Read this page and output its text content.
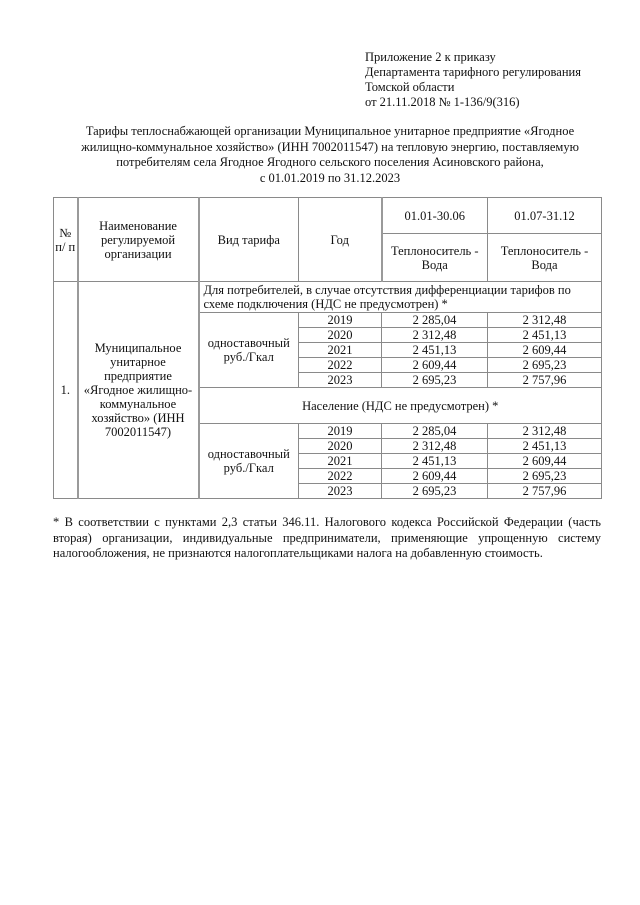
Приложение 2 к приказу
Департамента тарифного регулирования
Томской области
от 21.11.2018 № 1-136/9(316)
Тарифы теплоснабжающей организации Муниципальное унитарное предприятие «Ягодное
жилищно-коммунальное хозяйство» (ИНН 7002011547) на тепловую энергию, поставляемую
потребителям села Ягодное Ягодного сельского поселения Асиновского района,
с 01.01.2019 по 31.12.2023
№ п/ п	Наименование регулируемой организации	Вид тарифа	Год	01.01-30.06	01.07-31.12
				Теплоноситель - Вода	Теплоноситель - Вода
1.	Муниципальное унитарное предприятие «Ягодное жилищно-коммунальное хозяйство» (ИНН 7002011547)	Для потребителей, в случае отсутствия дифференциации тарифов по схеме подключения (НДС не предусмотрен) *			
		одноставочный руб./Гкал	2019	2 285,04	2 312,48
			2020	2 312,48	2 451,13
			2021	2 451,13	2 609,44
			2022	2 609,44	2 695,23
			2023	2 695,23	2 757,96
		Население (НДС не предусмотрен) *			
		одноставочный руб./Гкал	2019	2 285,04	2 312,48
			2020	2 312,48	2 451,13
			2021	2 451,13	2 609,44
			2022	2 609,44	2 695,23
			2023	2 695,23	2 757,96
* В соответствии с пунктами 2,3 статьи 346.11. Налогового кодекса Российской Федерации (часть вторая) организации, индивидуальные предприниматели, применяющие упрощенную систему налогообложения, не признаются налогоплательщиками налога на добавленную стоимость.
